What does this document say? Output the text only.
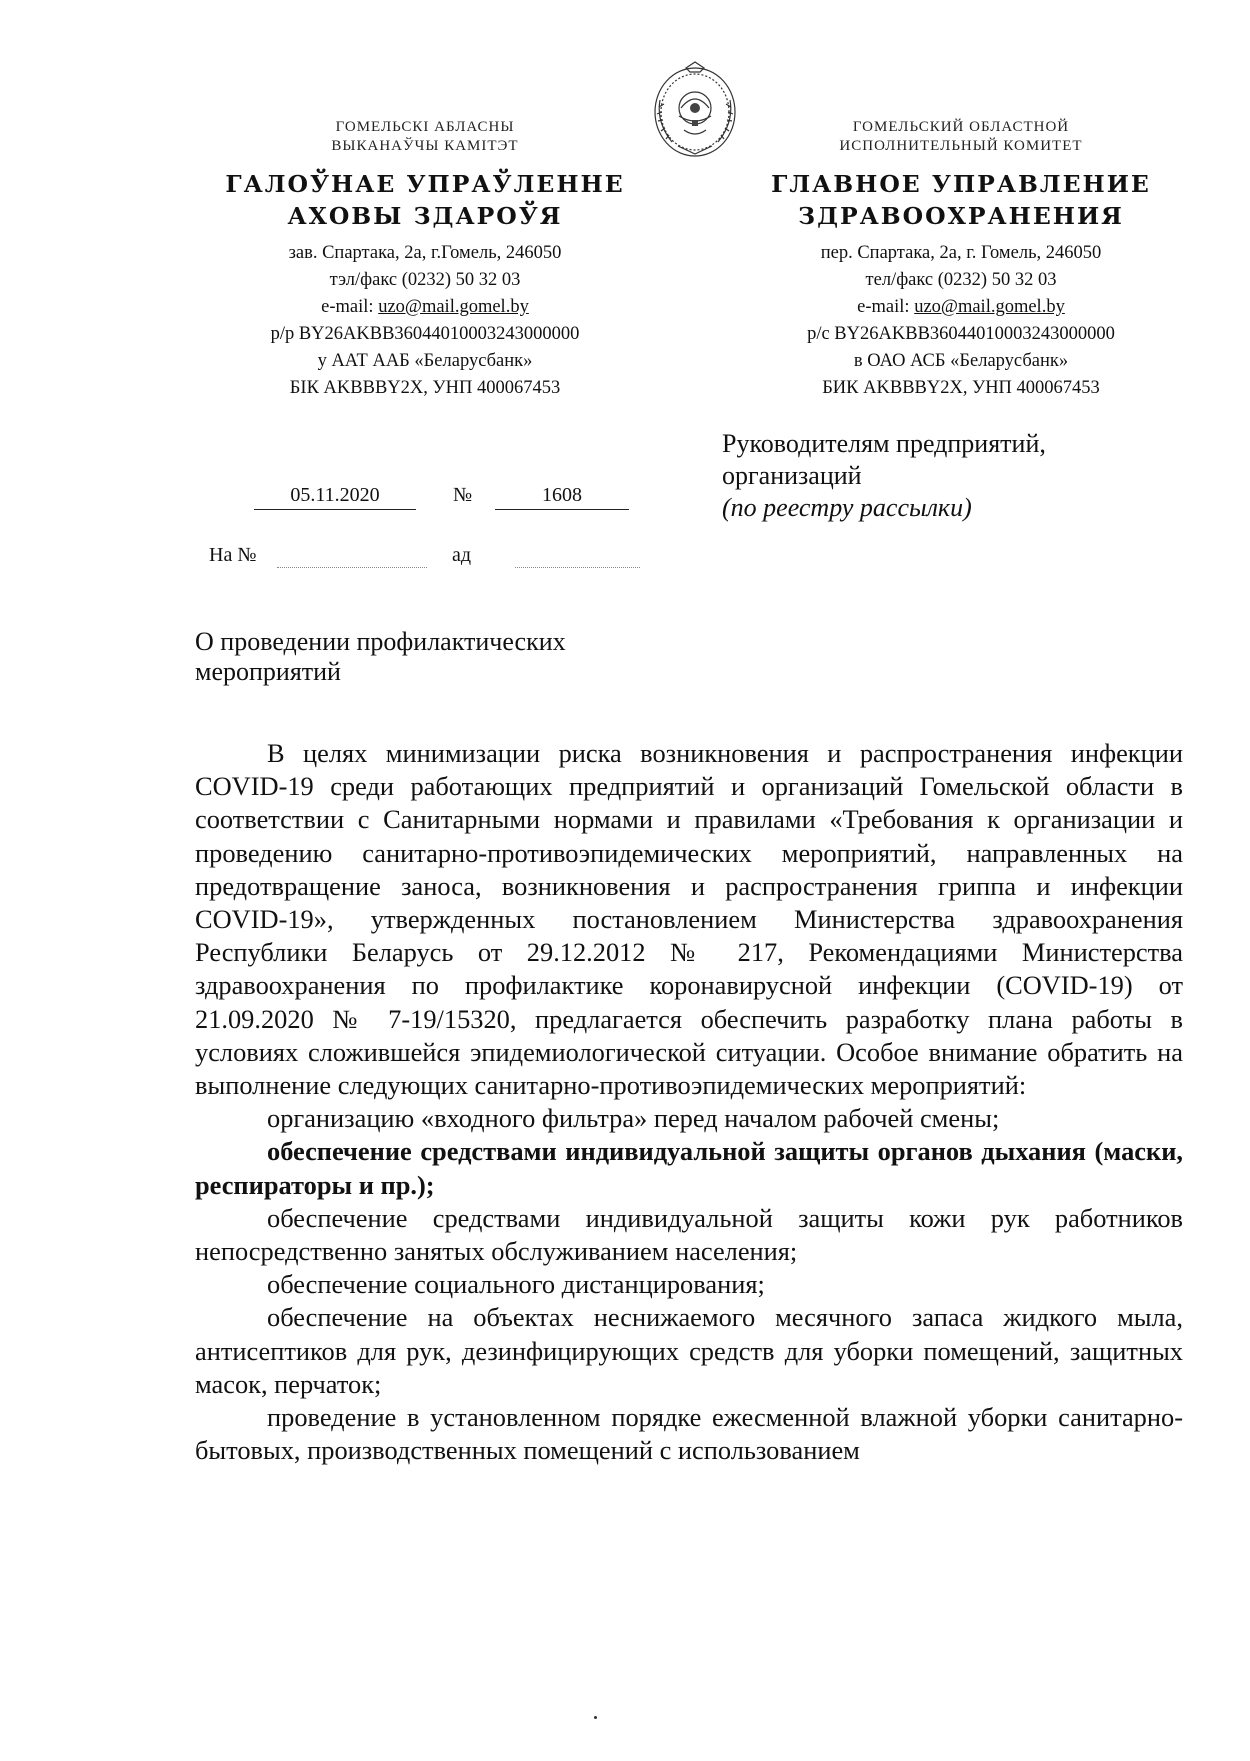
ГОМЕЛЬСКІ АБЛАСНЫ
ВЫКАНАЎЧЫ КАМІТЭТ
ГАЛОЎНАЕ УПРАЎЛЕННЕ
АХОВЫ ЗДАРОЎЯ
зав. Спартака, 2а, г.Гомель, 246050
тэл/факс (0232) 50 32 03
e-mail: uzo@mail.gomel.by
р/р BY26AKBB36044010003243000000
у ААТ ААБ «Беларусбанк»
БІК AKBBBY2X, УНП 400067453
ГОМЕЛЬСКИЙ ОБЛАСТНОЙ
ИСПОЛНИТЕЛЬНЫЙ КОМИТЕТ
ГЛАВНОЕ УПРАВЛЕНИЕ
ЗДРАВООХРАНЕНИЯ
пер. Спартака, 2а, г. Гомель, 246050
тел/факс (0232) 50 32 03
e-mail: uzo@mail.gomel.by
р/с BY26AKBB36044010003243000000
в ОАО АСБ «Беларусбанк»
БИК AKBBBY2X, УНП 400067453
Руководителям предприятий,
организаций
(по реестру рассылки)
05.11.2020	№	1608
На №	ад
О проведении профилактических
мероприятий

В целях минимизации риска возникновения и распространения инфекции COVID-19 среди работающих предприятий и организаций Гомельской области в соответствии с Санитарными нормами и правилами «Требования к организации и проведению санитарно-противоэпидемических мероприятий, направленных на предотвращение заноса, возникновения и распространения гриппа и инфекции COVID-19», утвержденных постановлением Министерства здравоохранения Республики Беларусь от 29.12.2012 № 217, Рекомендациями Министерства здравоохранения по профилактике коронавирусной инфекции (COVID-19) от 21.09.2020 № 7-19/15320, предлагается обеспечить разработку плана работы в условиях сложившейся эпидемиологической ситуации. Особое внимание обратить на выполнение следующих санитарно-противоэпидемических мероприятий:

организацию «входного фильтра» перед началом рабочей смены;

обеспечение средствами индивидуальной защиты органов дыхания (маски, респираторы и пр.);

обеспечение средствами индивидуальной защиты кожи рук работников непосредственно занятых обслуживанием населения;

обеспечение социального дистанцирования;

обеспечение на объектах неснижаемого месячного запаса жидкого мыла, антисептиков для рук, дезинфицирующих средств для уборки помещений, защитных масок, перчаток;

проведение в установленном порядке ежесменной влажной уборки санитарно-бытовых, производственных помещений с использованием
